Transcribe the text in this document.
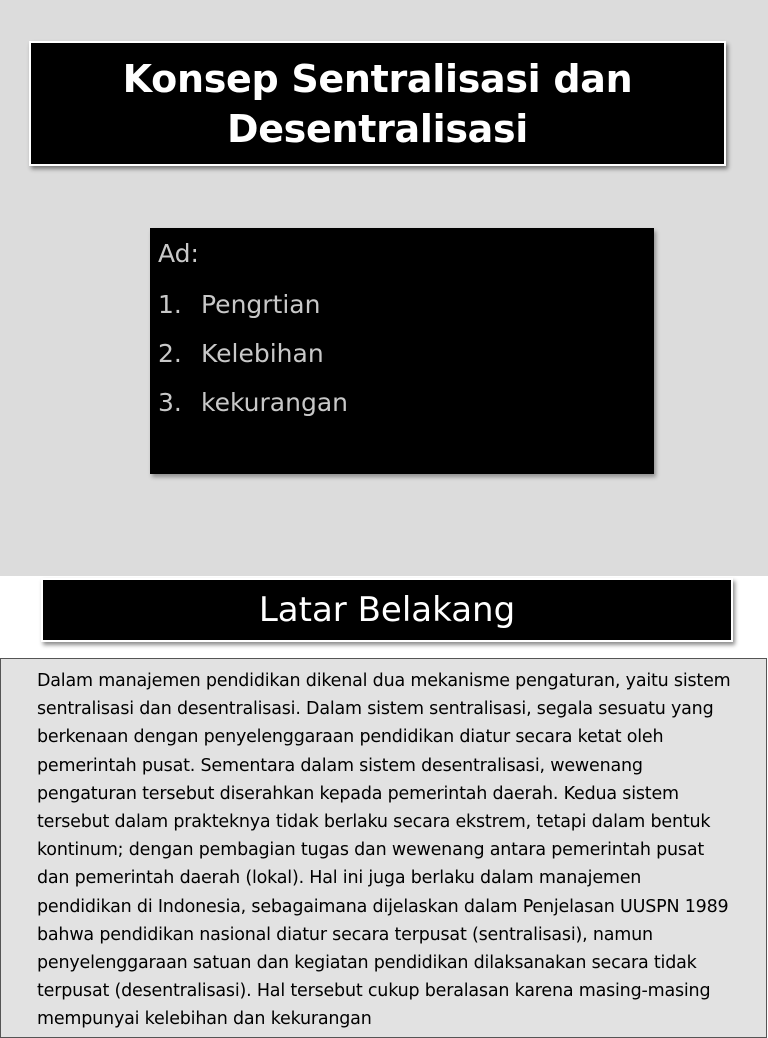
Konsep Sentralisasi dan
Desentralisasi
Ad:
1. Pengrtian
2. Kelebihan
3. kekurangan
Latar Belakang

Dalam manajemen pendidikan dikenal dua mekanisme pengaturan, yaitu sistem sentralisasi dan desentralisasi. Dalam sistem sentralisasi, segala sesuatu yang berkenaan dengan penyelenggaraan pendidikan diatur secara ketat oleh pemerintah pusat. Sementara dalam sistem desentralisasi, wewenang pengaturan tersebut diserahkan kepada pemerintah daerah. Kedua sistem tersebut dalam prakteknya tidak berlaku secara ekstrem, tetapi dalam bentuk kontinum; dengan pembagian tugas dan wewenang antara pemerintah pusat dan pemerintah daerah (lokal). Hal ini juga berlaku dalam manajemen pendidikan di Indonesia, sebagaimana dijelaskan dalam Penjelasan UUSPN 1989 bahwa pendidikan nasional diatur secara terpusat (sentralisasi), namun penyelenggaraan satuan dan kegiatan pendidikan dilaksanakan secara tidak terpusat (desentralisasi). Hal tersebut cukup beralasan karena masing-masing mempunyai kelebihan dan kekurangan
